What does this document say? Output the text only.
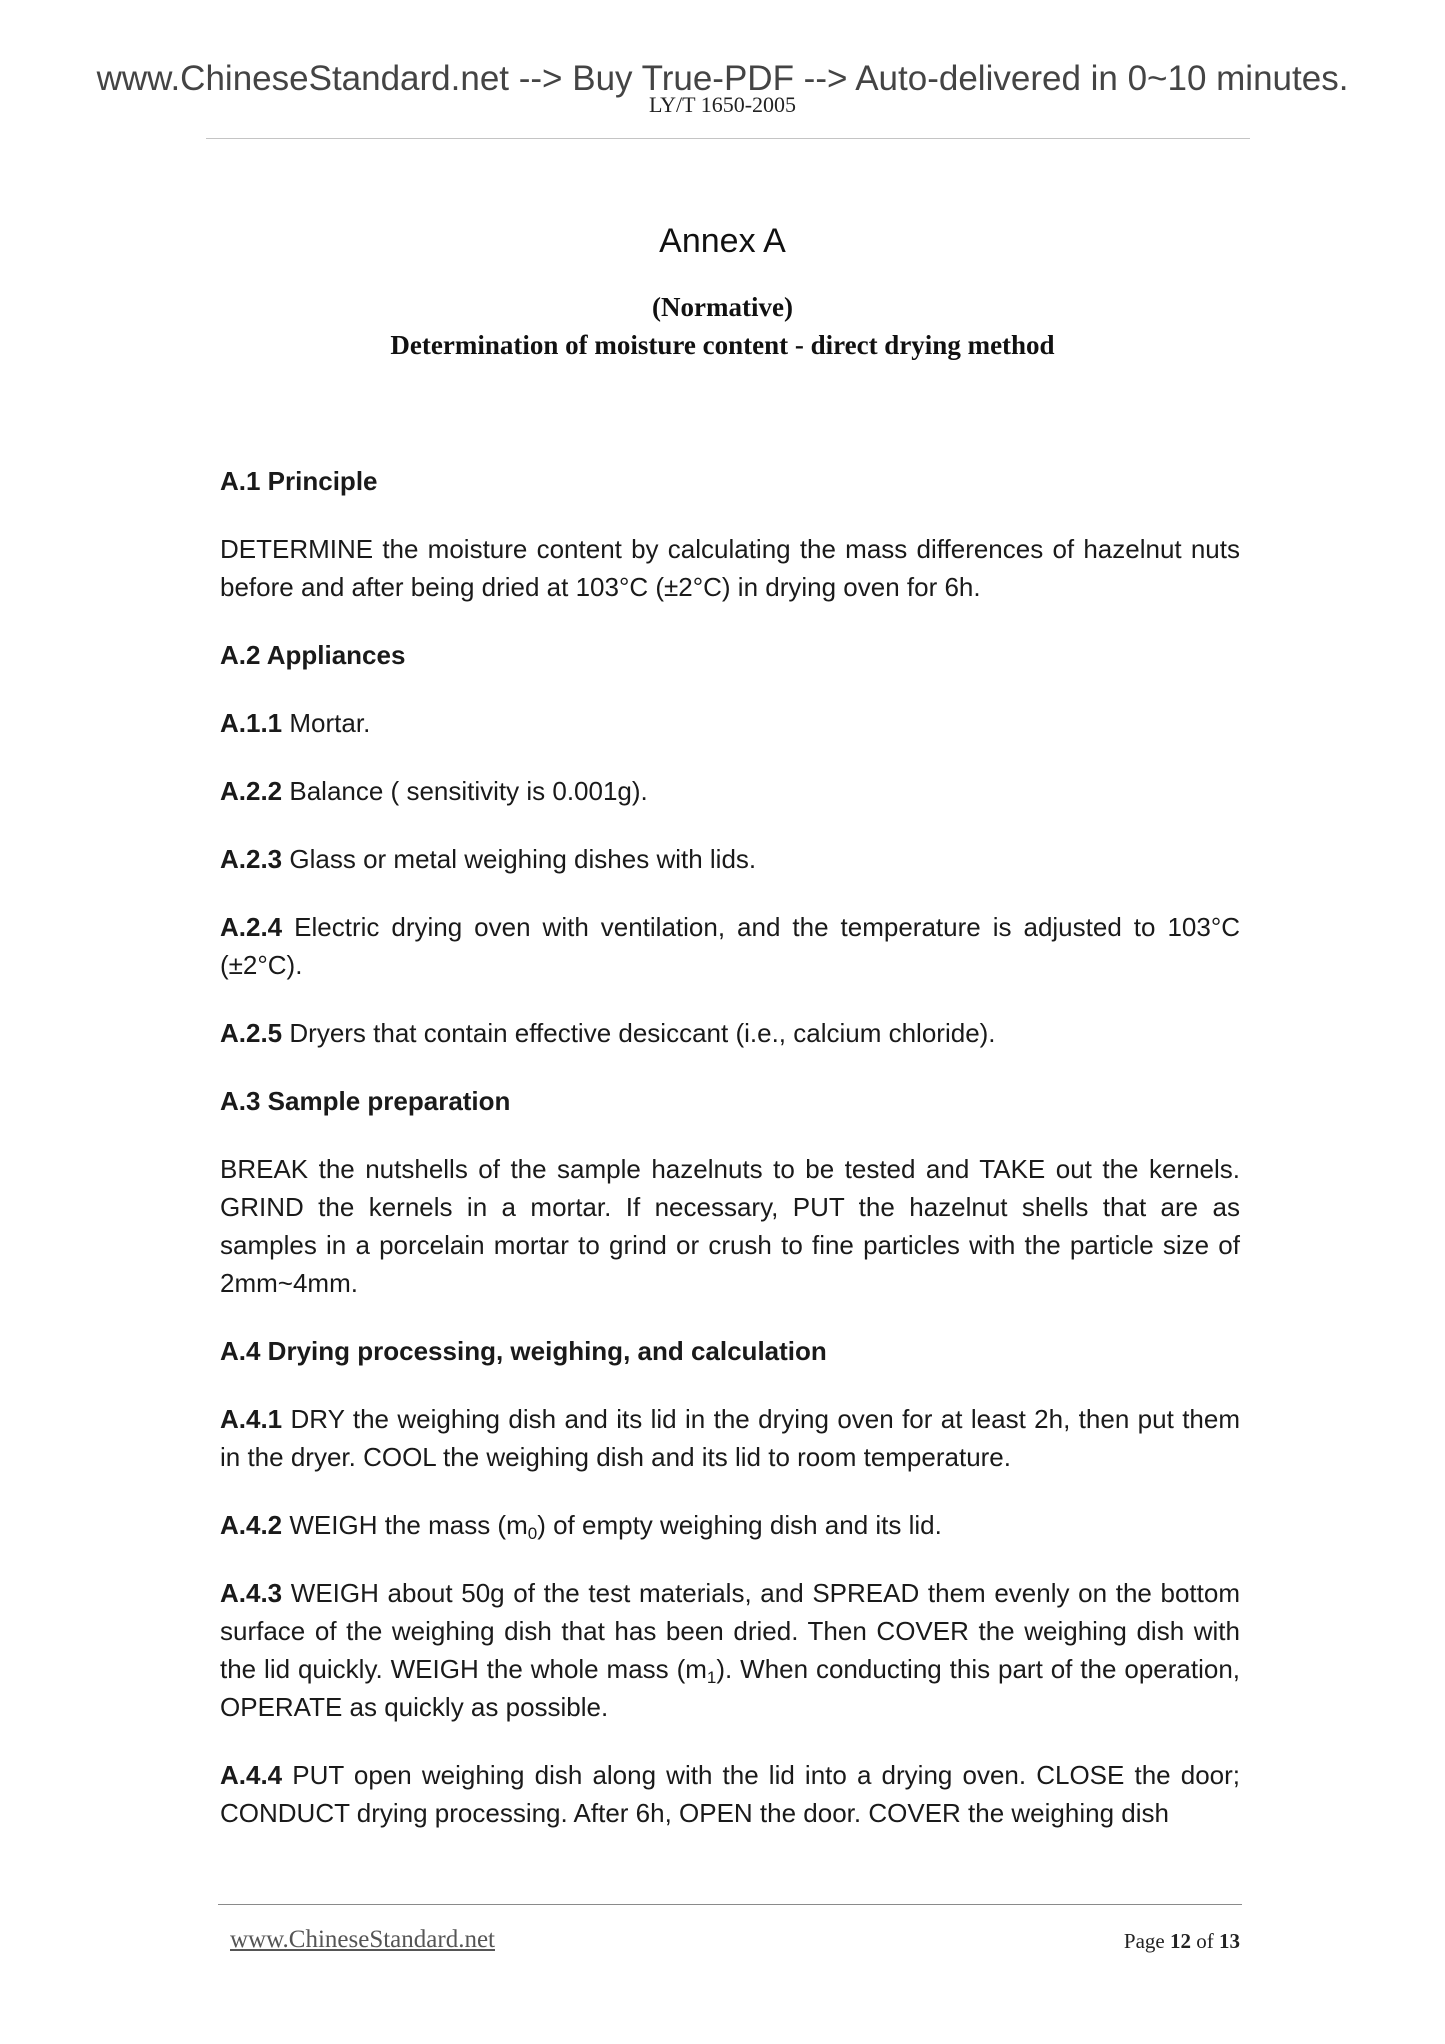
www.ChineseStandard.net --> Buy True-PDF --> Auto-delivered in 0~10 minutes.
LY/T 1650-2005
Annex A
(Normative)
Determination of moisture content - direct drying method
A.1 Principle

DETERMINE the moisture content by calculating the mass differences of hazelnut nuts before and after being dried at 103°C (±2°C) in drying oven for 6h.

A.2 Appliances

A.1.1 Mortar.

A.2.2 Balance ( sensitivity is 0.001g).

A.2.3 Glass or metal weighing dishes with lids.

A.2.4 Electric drying oven with ventilation, and the temperature is adjusted to 103°C (±2°C).

A.2.5 Dryers that contain effective desiccant (i.e., calcium chloride).

A.3 Sample preparation

BREAK the nutshells of the sample hazelnuts to be tested and TAKE out the kernels. GRIND the kernels in a mortar. If necessary, PUT the hazelnut shells that are as samples in a porcelain mortar to grind or crush to fine particles with the particle size of 2mm~4mm.

A.4 Drying processing, weighing, and calculation

A.4.1 DRY the weighing dish and its lid in the drying oven for at least 2h, then put them in the dryer. COOL the weighing dish and its lid to room temperature.

A.4.2 WEIGH the mass $(m_0)$ of empty weighing dish and its lid.

A.4.3 WEIGH about 50g of the test materials, and SPREAD them evenly on the bottom surface of the weighing dish that has been dried. Then COVER the weighing dish with the lid quickly. WEIGH the whole mass $(m_1)$. When conducting this part of the operation, OPERATE as quickly as possible.

A.4.4 PUT open weighing dish along with the lid into a drying oven. CLOSE the door; CONDUCT drying processing. After 6h, OPEN the door. COVER the weighing dish

www.ChineseStandard.net	Page 12 of 13
